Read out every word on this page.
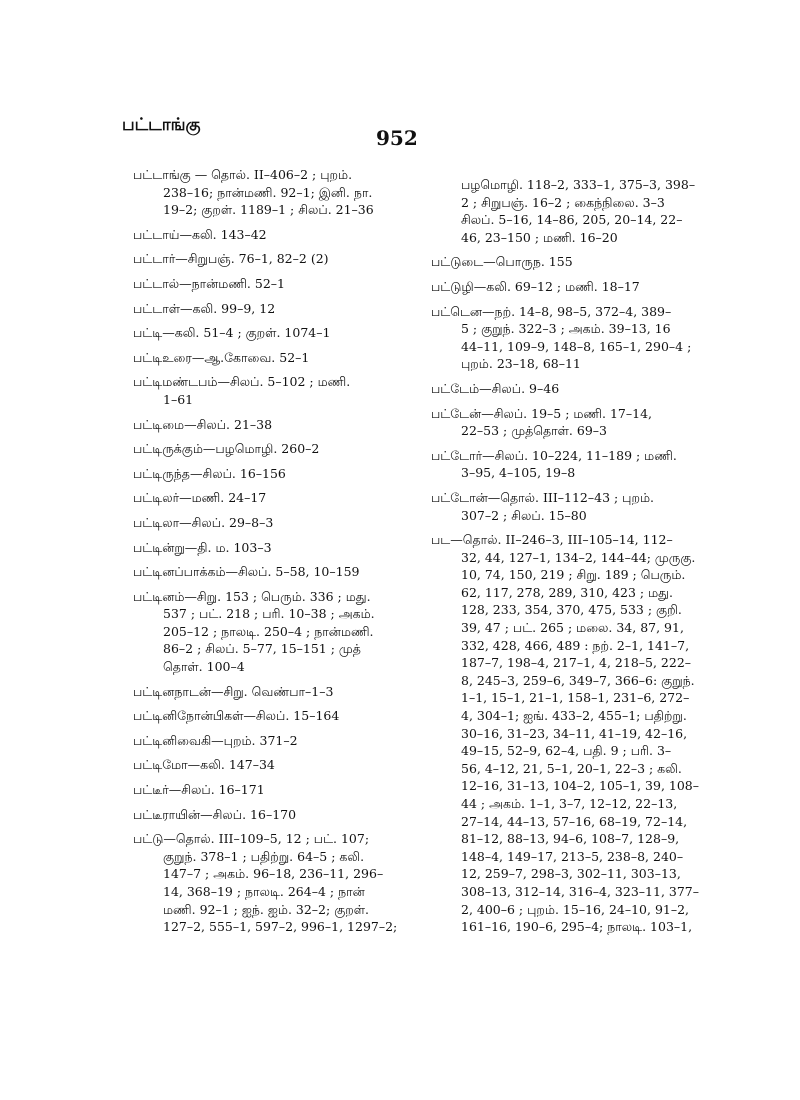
பட்டாங்கு
952
பட்டாங்கு — தொல். II–406–2 ; புறம்.
238–16; நான்மணி. 92–1; இனி. நா.
19–2; குறள். 1189–1 ; சிலப். 21–36
பட்டாய்—கலி. 143–42
பட்டார்—சிறுபஞ். 76–1, 82–2 (2)
பட்டால்—நான்மணி. 52–1
பட்டாள்—கலி. 99–9, 12
பட்டி—கலி. 51–4 ; குறள். 1074–1
பட்டிஉரை—ஆ.கோவை. 52–1
பட்டிமண்டபம்—சிலப். 5–102 ; மணி.
1–61
பட்டிமை—சிலப். 21–38
பட்டிருக்கும்—பழமொழி. 260–2
பட்டிருந்த—சிலப். 16–156
பட்டிலர்—மணி. 24–17
பட்டிலா—சிலப். 29–8–3
பட்டின்று—தி. ம. 103–3
பட்டினப்பாக்கம்—சிலப். 5–58, 10–159
பட்டினம்—சிறு. 153 ; பெரும். 336 ; மது.
537 ; பட். 218 ; பரி. 10–38 ; அகம்.
205–12 ; நாலடி. 250–4 ; நான்மணி.
86–2 ; சிலப். 5–77, 15–151 ; முத்
தொள். 100–4
பட்டினநாடன்—சிறு. வெண்பா–1–3
பட்டினிநோன்பிகள்—சிலப். 15–164
பட்டினிவைகி—புறம். 371–2
பட்டிமோ—கலி. 147–34
பட்டீர்—சிலப். 16–171
பட்டீராயின்—சிலப். 16–170
பட்டு—தொல். III–109–5, 12 ; பட். 107;
குறுந். 378–1 ; பதிற்று. 64–5 ; கலி.
147–7 ; அகம். 96–18, 236–11, 296–
14, 368–19 ; நாலடி. 264–4 ; நான்
மணி. 92–1 ; ஐந். ஐம். 32–2; குறள்.
127–2, 555–1, 597–2, 996–1, 1297–2;
பழமொழி. 118–2, 333–1, 375–3, 398–
2 ; சிறுபஞ். 16–2 ; கைந்நிலை. 3–3
சிலப். 5–16, 14–86, 205, 20–14, 22–
46, 23–150 ; மணி. 16–20
பட்டுடை—பொருந. 155
பட்டுழி—கலி. 69–12 ; மணி. 18–17
பட்டென—நற். 14–8, 98–5, 372–4, 389–
5 ; குறுந். 322–3 ; அகம். 39–13, 16
44–11, 109–9, 148–8, 165–1, 290–4 ;
புறம். 23–18, 68–11
பட்டேம்—சிலப். 9–46
பட்டேன்—சிலப். 19–5 ; மணி. 17–14,
22–53 ; முத்தொள். 69–3
பட்டோர்—சிலப். 10–224, 11–189 ; மணி.
3–95, 4–105, 19–8
பட்டோன்—தொல். III–112–43 ; புறம்.
307–2 ; சிலப். 15–80
பட—தொல். II–246–3, III–105–14, 112–
32, 44, 127–1, 134–2, 144–44; முருகு.
10, 74, 150, 219 ; சிறு. 189 ; பெரும்.
62, 117, 278, 289, 310, 423 ; மது.
128, 233, 354, 370, 475, 533 ; குறி.
39, 47 ; பட். 265 ; மலை. 34, 87, 91,
332, 428, 466, 489 : நற். 2–1, 141–7,
187–7, 198–4, 217–1, 4, 218–5, 222–
8, 245–3, 259–6, 349–7, 366–6: குறுந்.
1–1, 15–1, 21–1, 158–1, 231–6, 272–
4, 304–1; ஐங். 433–2, 455–1; பதிற்று.
30–16, 31–23, 34–11, 41–19, 42–16,
49–15, 52–9, 62–4, பதி. 9 ; பரி. 3–
56, 4–12, 21, 5–1, 20–1, 22–3 ; கலி.
12–16, 31–13, 104–2, 105–1, 39, 108–
44 ; அகம். 1–1, 3–7, 12–12, 22–13,
27–14, 44–13, 57–16, 68–19, 72–14,
81–12, 88–13, 94–6, 108–7, 128–9,
148–4, 149–17, 213–5, 238–8, 240–
12, 259–7, 298–3, 302–11, 303–13,
308–13, 312–14, 316–4, 323–11, 377–
2, 400–6 ; புறம். 15–16, 24–10, 91–2,
161–16, 190–6, 295–4; நாலடி. 103–1,
